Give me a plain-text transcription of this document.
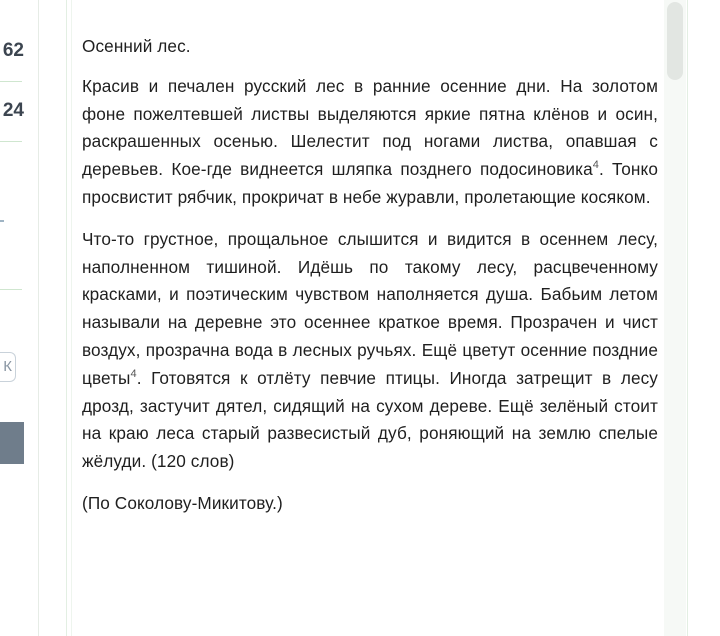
62
24
К

Осенний лес.

Красив и печален русский лес в ранние осенние дни. На золотом фоне пожелтевшей листвы выделяются яркие пятна клёнов и осин, раскрашенных осенью. Шелестит под ногами листва, опавшая с деревьев. Кое-где виднеется шляпка позднего подосиновика$^4$. Тонко просвистит рябчик, прокричат в небе журавли, пролетающие косяком.

Что-то грустное, прощальное слышится и видится в осеннем лесу, наполненном тишиной. Идёшь по такому лесу, расцвеченному красками, и поэтическим чувством наполняется душа. Бабьим летом называли на деревне это осеннее краткое время. Прозрачен и чист воздух, прозрачна вода в лесных ручьях. Ещё цветут осенние поздние цветы$^4$. Готовятся к отлёту певчие птицы. Иногда затрещит в лесу дрозд, застучит дятел, сидящий на сухом дереве. Ещё зелёный стоит на краю леса старый развесистый дуб, роняющий на землю спелые жёлуди. (120 слов)

(По Соколову-Микитову.)
